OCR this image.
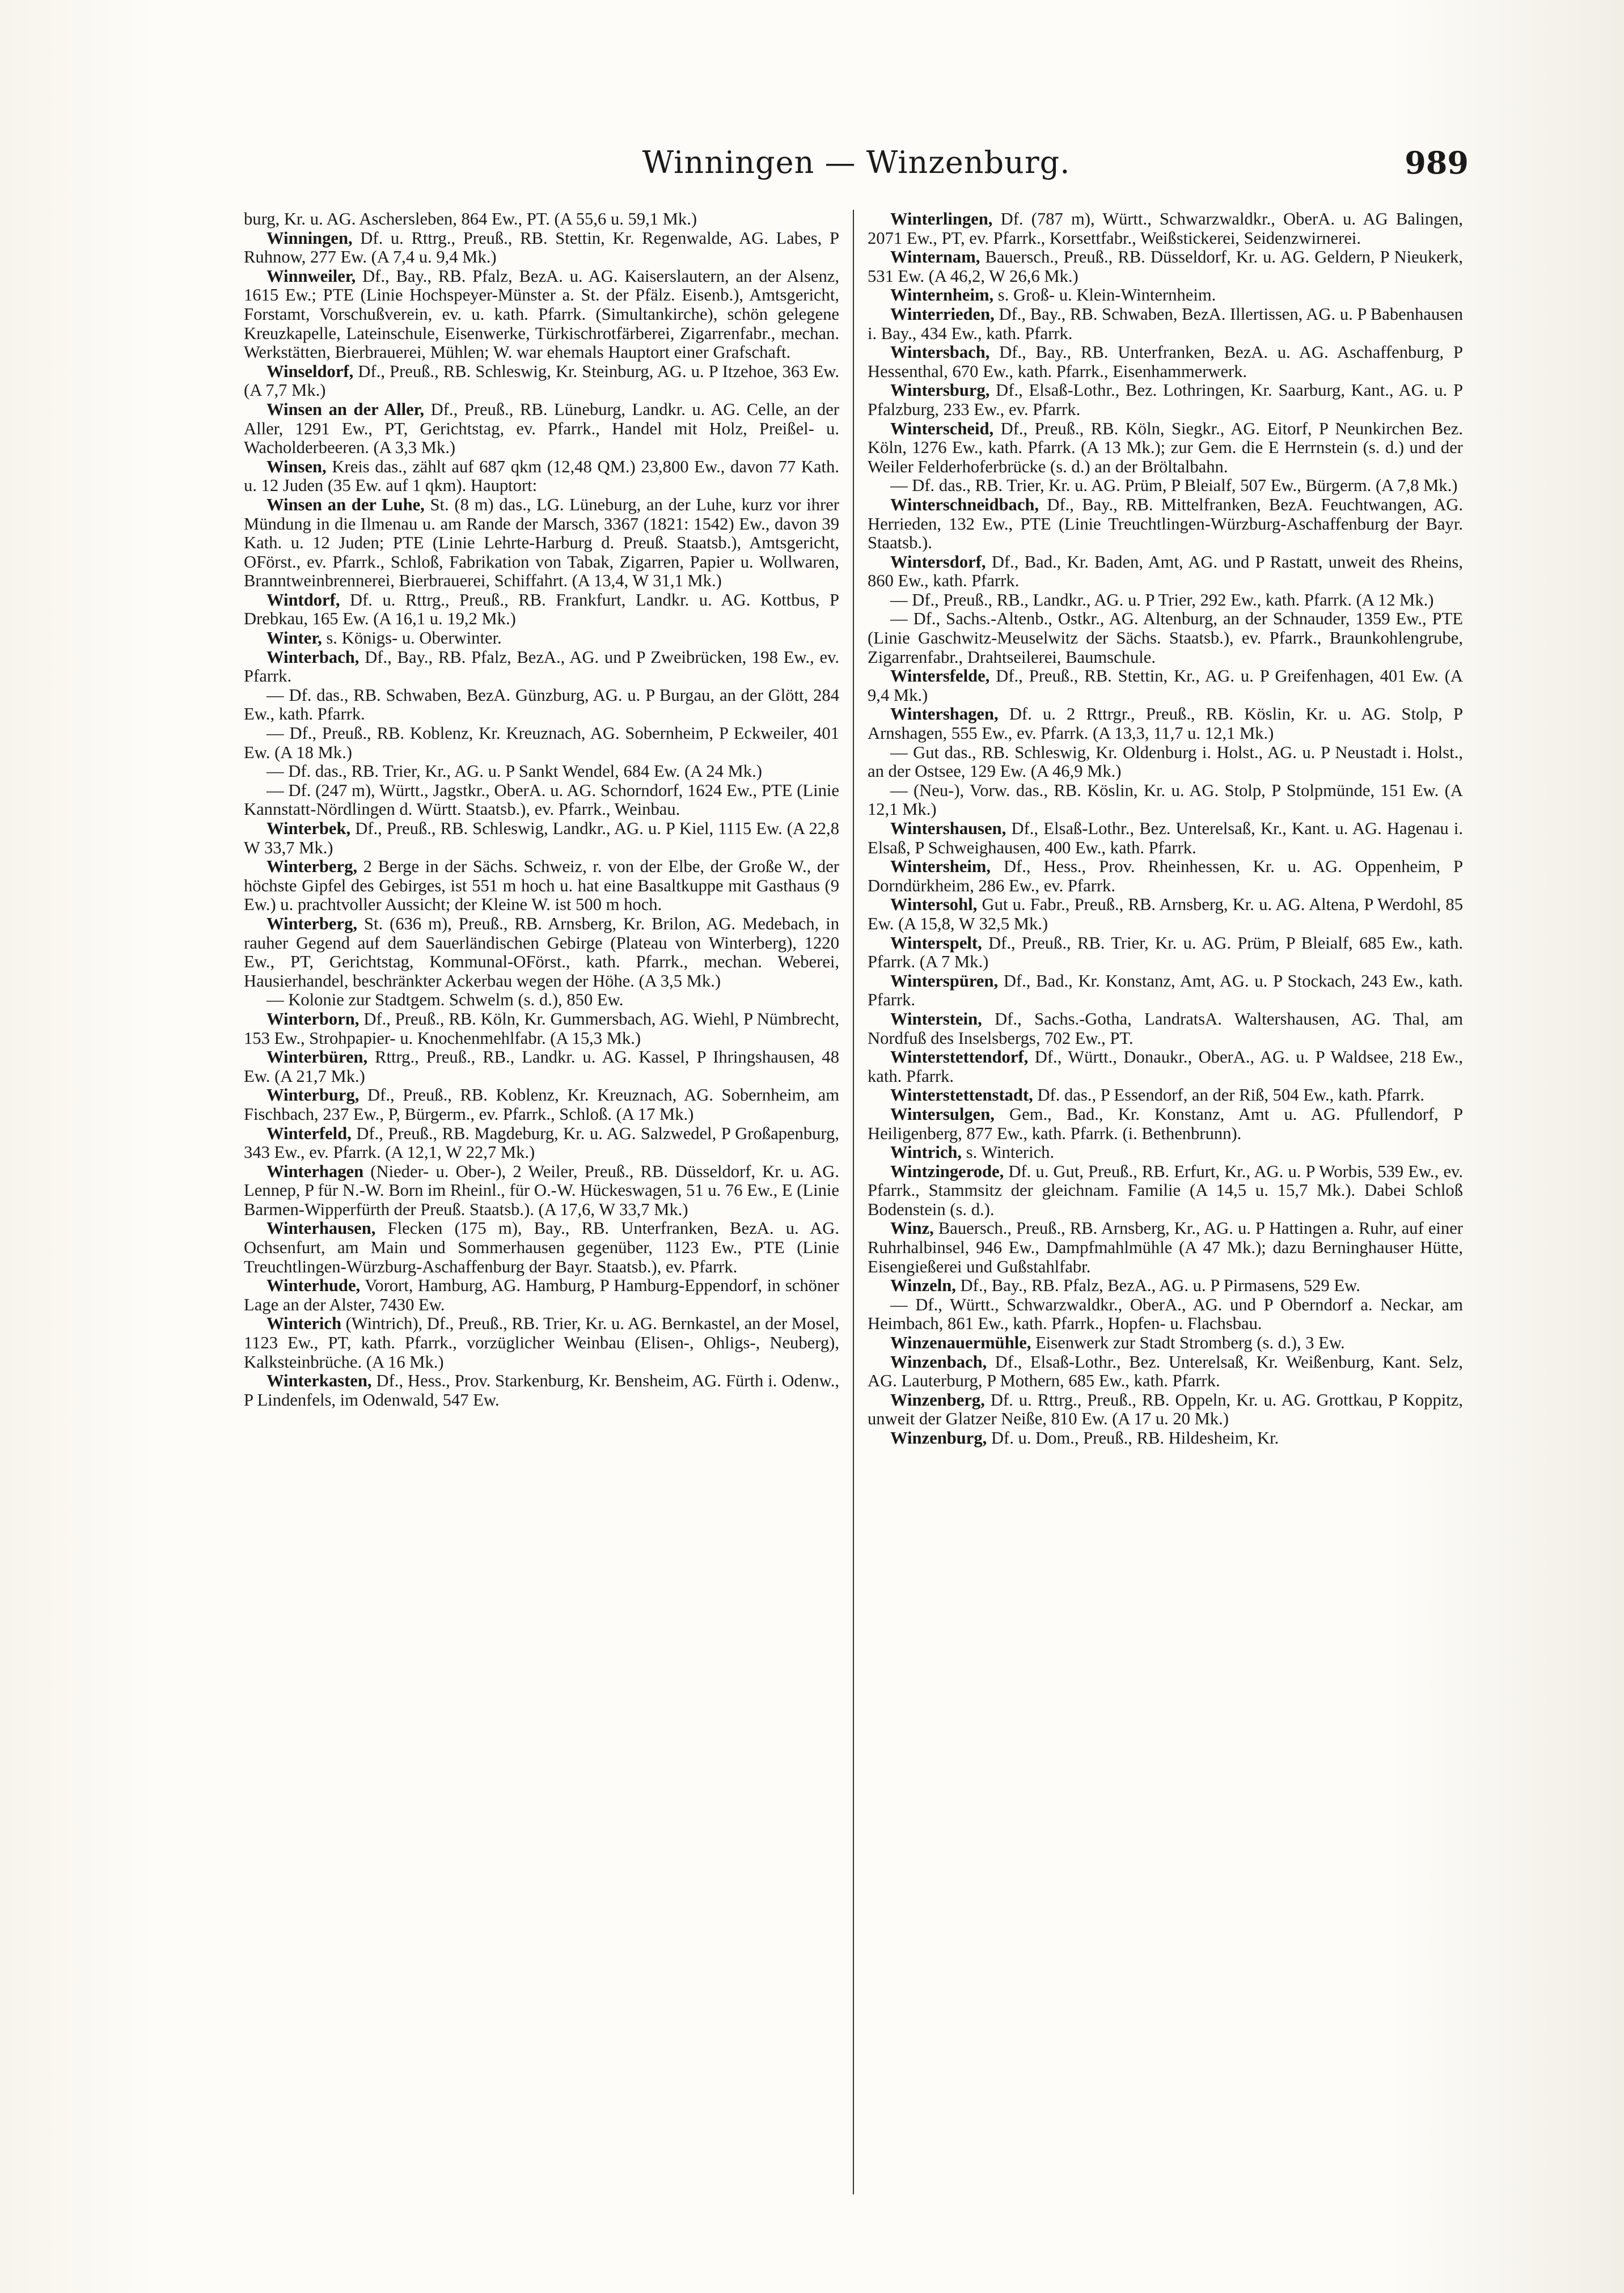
Winningen — Winzenburg.	989

burg, Kr. u. AG. Aschersleben, 864 Ew., PT. (A 55,6 u. 59,1 Mk.)

Winningen, Df. u. Rttrg., Preuß., RB. Stettin, Kr. Regenwalde, AG. Labes, P Ruhnow, 277 Ew. (A 7,4 u. 9,4 Mk.)

Winnweiler, Df., Bay., RB. Pfalz, BezA. u. AG. Kaiserslautern, an der Alsenz, 1615 Ew.; PTE (Linie Hochspeyer-Münster a. St. der Pfälz. Eisenb.), Amtsgericht, Forstamt, Vorschußverein, ev. u. kath. Pfarrk. (Simultankirche), schön gelegene Kreuzkapelle, Lateinschule, Eisenwerke, Türkischrotfärberei, Zigarrenfabr., mechan. Werkstätten, Bierbrauerei, Mühlen; W. war ehemals Hauptort einer Grafschaft.

Winseldorf, Df., Preuß., RB. Schleswig, Kr. Steinburg, AG. u. P Itzehoe, 363 Ew. (A 7,7 Mk.)

Winsen an der Aller, Df., Preuß., RB. Lüneburg, Landkr. u. AG. Celle, an der Aller, 1291 Ew., PT, Gerichtstag, ev. Pfarrk., Handel mit Holz, Preißel- u. Wacholderbeeren. (A 3,3 Mk.)

Winsen, Kreis das., zählt auf 687 qkm (12,48 QM.) 23,800 Ew., davon 77 Kath. u. 12 Juden (35 Ew. auf 1 qkm). Hauptort:

Winsen an der Luhe, St. (8 m) das., LG. Lüneburg, an der Luhe, kurz vor ihrer Mündung in die Ilmenau u. am Rande der Marsch, 3367 (1821: 1542) Ew., davon 39 Kath. u. 12 Juden; PTE (Linie Lehrte-Harburg d. Preuß. Staatsb.), Amtsgericht, OFörst., ev. Pfarrk., Schloß, Fabrikation von Tabak, Zigarren, Papier u. Wollwaren, Branntweinbrennerei, Bierbrauerei, Schiffahrt. (A 13,4, W 31,1 Mk.)

Wintdorf, Df. u. Rttrg., Preuß., RB. Frankfurt, Landkr. u. AG. Kottbus, P Drebkau, 165 Ew. (A 16,1 u. 19,2 Mk.)

Winter, s. Königs- u. Oberwinter.

Winterbach, Df., Bay., RB. Pfalz, BezA., AG. und P Zweibrücken, 198 Ew., ev. Pfarrk.

— Df. das., RB. Schwaben, BezA. Günzburg, AG. u. P Burgau, an der Glött, 284 Ew., kath. Pfarrk.

— Df., Preuß., RB. Koblenz, Kr. Kreuznach, AG. Sobernheim, P Eckweiler, 401 Ew. (A 18 Mk.)

— Df. das., RB. Trier, Kr., AG. u. P Sankt Wendel, 684 Ew. (A 24 Mk.)

— Df. (247 m), Württ., Jagstkr., OberA. u. AG. Schorndorf, 1624 Ew., PTE (Linie Kannstatt-Nördlingen d. Württ. Staatsb.), ev. Pfarrk., Weinbau.

Winterbek, Df., Preuß., RB. Schleswig, Landkr., AG. u. P Kiel, 1115 Ew. (A 22,8 W 33,7 Mk.)

Winterberg, 2 Berge in der Sächs. Schweiz, r. von der Elbe, der Große W., der höchste Gipfel des Gebirges, ist 551 m hoch u. hat eine Basaltkuppe mit Gasthaus (9 Ew.) u. prachtvoller Aussicht; der Kleine W. ist 500 m hoch.

Winterberg, St. (636 m), Preuß., RB. Arnsberg, Kr. Brilon, AG. Medebach, in rauher Gegend auf dem Sauerländischen Gebirge (Plateau von Winterberg), 1220 Ew., PT, Gerichtstag, Kommunal-OFörst., kath. Pfarrk., mechan. Weberei, Hausierhandel, beschränkter Ackerbau wegen der Höhe. (A 3,5 Mk.)

— Kolonie zur Stadtgem. Schwelm (s. d.), 850 Ew.

Winterborn, Df., Preuß., RB. Köln, Kr. Gummersbach, AG. Wiehl, P Nümbrecht, 153 Ew., Strohpapier- u. Knochenmehlfabr. (A 15,3 Mk.)

Winterbüren, Rttrg., Preuß., RB., Landkr. u. AG. Kassel, P Ihringshausen, 48 Ew. (A 21,7 Mk.)

Winterburg, Df., Preuß., RB. Koblenz, Kr. Kreuznach, AG. Sobernheim, am Fischbach, 237 Ew., P, Bürgerm., ev. Pfarrk., Schloß. (A 17 Mk.)

Winterfeld, Df., Preuß., RB. Magdeburg, Kr. u. AG. Salzwedel, P Großapenburg, 343 Ew., ev. Pfarrk. (A 12,1, W 22,7 Mk.)

Winterhagen (Nieder- u. Ober-), 2 Weiler, Preuß., RB. Düsseldorf, Kr. u. AG. Lennep, P für N.-W. Born im Rheinl., für O.-W. Hückeswagen, 51 u. 76 Ew., E (Linie Barmen-Wipperfürth der Preuß. Staatsb.). (A 17,6, W 33,7 Mk.)

Winterhausen, Flecken (175 m), Bay., RB. Unterfranken, BezA. u. AG. Ochsenfurt, am Main und Sommerhausen gegenüber, 1123 Ew., PTE (Linie Treuchtlingen-Würzburg-Aschaffenburg der Bayr. Staatsb.), ev. Pfarrk.

Winterhude, Vorort, Hamburg, AG. Hamburg, P Hamburg-Eppendorf, in schöner Lage an der Alster, 7430 Ew.

Winterich (Wintrich), Df., Preuß., RB. Trier, Kr. u. AG. Bernkastel, an der Mosel, 1123 Ew., PT, kath. Pfarrk., vorzüglicher Weinbau (Elisen-, Ohligs-, Neuberg), Kalksteinbrüche. (A 16 Mk.)

Winterkasten, Df., Hess., Prov. Starkenburg, Kr. Bensheim, AG. Fürth i. Odenw., P Lindenfels, im Odenwald, 547 Ew.

Winterlingen, Df. (787 m), Württ., Schwarzwaldkr., OberA. u. AG Balingen, 2071 Ew., PT, ev. Pfarrk., Korsettfabr., Weißstickerei, Seidenzwirnerei.

Winternam, Bauersch., Preuß., RB. Düsseldorf, Kr. u. AG. Geldern, P Nieukerk, 531 Ew. (A 46,2, W 26,6 Mk.)

Winternheim, s. Groß- u. Klein-Winternheim.

Winterrieden, Df., Bay., RB. Schwaben, BezA. Illertissen, AG. u. P Babenhausen i. Bay., 434 Ew., kath. Pfarrk.

Wintersbach, Df., Bay., RB. Unterfranken, BezA. u. AG. Aschaffenburg, P Hessenthal, 670 Ew., kath. Pfarrk., Eisenhammerwerk.

Wintersburg, Df., Elsaß-Lothr., Bez. Lothringen, Kr. Saarburg, Kant., AG. u. P Pfalzburg, 233 Ew., ev. Pfarrk.

Winterscheid, Df., Preuß., RB. Köln, Siegkr., AG. Eitorf, P Neunkirchen Bez. Köln, 1276 Ew., kath. Pfarrk. (A 13 Mk.); zur Gem. die E Herrnstein (s. d.) und der Weiler Felderhoferbrücke (s. d.) an der Bröltalbahn.

— Df. das., RB. Trier, Kr. u. AG. Prüm, P Bleialf, 507 Ew., Bürgerm. (A 7,8 Mk.)

Winterschneidbach, Df., Bay., RB. Mittelfranken, BezA. Feuchtwangen, AG. Herrieden, 132 Ew., PTE (Linie Treuchtlingen-Würzburg-Aschaffenburg der Bayr. Staatsb.).

Wintersdorf, Df., Bad., Kr. Baden, Amt, AG. und P Rastatt, unweit des Rheins, 860 Ew., kath. Pfarrk.

— Df., Preuß., RB., Landkr., AG. u. P Trier, 292 Ew., kath. Pfarrk. (A 12 Mk.)

— Df., Sachs.-Altenb., Ostkr., AG. Altenburg, an der Schnauder, 1359 Ew., PTE (Linie Gaschwitz-Meuselwitz der Sächs. Staatsb.), ev. Pfarrk., Braunkohlengrube, Zigarrenfabr., Drahtseilerei, Baumschule.

Wintersfelde, Df., Preuß., RB. Stettin, Kr., AG. u. P Greifenhagen, 401 Ew. (A 9,4 Mk.)

Wintershagen, Df. u. 2 Rttrgr., Preuß., RB. Köslin, Kr. u. AG. Stolp, P Arnshagen, 555 Ew., ev. Pfarrk. (A 13,3, 11,7 u. 12,1 Mk.)

— Gut das., RB. Schleswig, Kr. Oldenburg i. Holst., AG. u. P Neustadt i. Holst., an der Ostsee, 129 Ew. (A 46,9 Mk.)

— (Neu-), Vorw. das., RB. Köslin, Kr. u. AG. Stolp, P Stolpmünde, 151 Ew. (A 12,1 Mk.)

Wintershausen, Df., Elsaß-Lothr., Bez. Unterelsaß, Kr., Kant. u. AG. Hagenau i. Elsaß, P Schweighausen, 400 Ew., kath. Pfarrk.

Wintersheim, Df., Hess., Prov. Rheinhessen, Kr. u. AG. Oppenheim, P Dorndürkheim, 286 Ew., ev. Pfarrk.

Wintersohl, Gut u. Fabr., Preuß., RB. Arnsberg, Kr. u. AG. Altena, P Werdohl, 85 Ew. (A 15,8, W 32,5 Mk.)

Winterspelt, Df., Preuß., RB. Trier, Kr. u. AG. Prüm, P Bleialf, 685 Ew., kath. Pfarrk. (A 7 Mk.)

Winterspüren, Df., Bad., Kr. Konstanz, Amt, AG. u. P Stockach, 243 Ew., kath. Pfarrk.

Winterstein, Df., Sachs.-Gotha, LandratsA. Waltershausen, AG. Thal, am Nordfuß des Inselsbergs, 702 Ew., PT.

Winterstettendorf, Df., Württ., Donaukr., OberA., AG. u. P Waldsee, 218 Ew., kath. Pfarrk.

Winterstettenstadt, Df. das., P Essendorf, an der Riß, 504 Ew., kath. Pfarrk.

Wintersulgen, Gem., Bad., Kr. Konstanz, Amt u. AG. Pfullendorf, P Heiligenberg, 877 Ew., kath. Pfarrk. (i. Bethenbrunn).

Wintrich, s. Winterich.

Wintzingerode, Df. u. Gut, Preuß., RB. Erfurt, Kr., AG. u. P Worbis, 539 Ew., ev. Pfarrk., Stammsitz der gleichnam. Familie (A 14,5 u. 15,7 Mk.). Dabei Schloß Bodenstein (s. d.).

Winz, Bauersch., Preuß., RB. Arnsberg, Kr., AG. u. P Hattingen a. Ruhr, auf einer Ruhrhalbinsel, 946 Ew., Dampfmahlmühle (A 47 Mk.); dazu Berninghauser Hütte, Eisengießerei und Gußstahlfabr.

Winzeln, Df., Bay., RB. Pfalz, BezA., AG. u. P Pirmasens, 529 Ew.

— Df., Württ., Schwarzwaldkr., OberA., AG. und P Oberndorf a. Neckar, am Heimbach, 861 Ew., kath. Pfarrk., Hopfen- u. Flachsbau.

Winzenauermühle, Eisenwerk zur Stadt Stromberg (s. d.), 3 Ew.

Winzenbach, Df., Elsaß-Lothr., Bez. Unterelsaß, Kr. Weißenburg, Kant. Selz, AG. Lauterburg, P Mothern, 685 Ew., kath. Pfarrk.

Winzenberg, Df. u. Rttrg., Preuß., RB. Oppeln, Kr. u. AG. Grottkau, P Koppitz, unweit der Glatzer Neiße, 810 Ew. (A 17 u. 20 Mk.)

Winzenburg, Df. u. Dom., Preuß., RB. Hildesheim, Kr.
